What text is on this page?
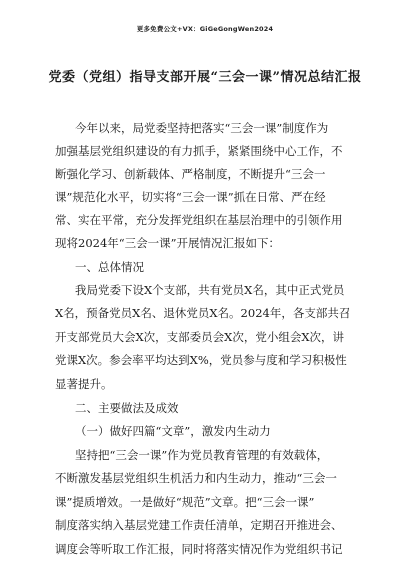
更多免费公文+VX：GiGeGongWen2024
党委（党组）指导支部开展“三会一课”情况总结汇报
今年以来，局党委坚持把落实“三会一课”制度作为
加强基层党组织建设的有力抓手，紧紧围绕中心工作，不
断强化学习、创新载体、严格制度，不断提升“三会一
课”规范化水平，切实将“三会一课”抓在日常、严在经
常、实在平常，充分发挥党组织在基层治理中的引领作用
现将2024年“三会一课”开展情况汇报如下：
一、总体情况
我局党委下设X个支部，共有党员X名，其中正式党员
X名，预备党员X名、退休党员X名。2024年，各支部共召
开支部党员大会X次，支部委员会X次，党小组会X次，讲
党课X次。参会率平均达到X%，党员参与度和学习积极性
显著提升。
二、主要做法及成效
（一）做好四篇“文章”，激发内生动力
坚持把“三会一课”作为党员教育管理的有效载体，
不断激发基层党组织生机活力和内生动力，推动“三会一
课”提质增效。一是做好“规范”文章。把“三会一课”
制度落实纳入基层党建工作责任清单，定期召开推进会、
调度会等听取工作汇报，同时将落实情况作为党组织书记
